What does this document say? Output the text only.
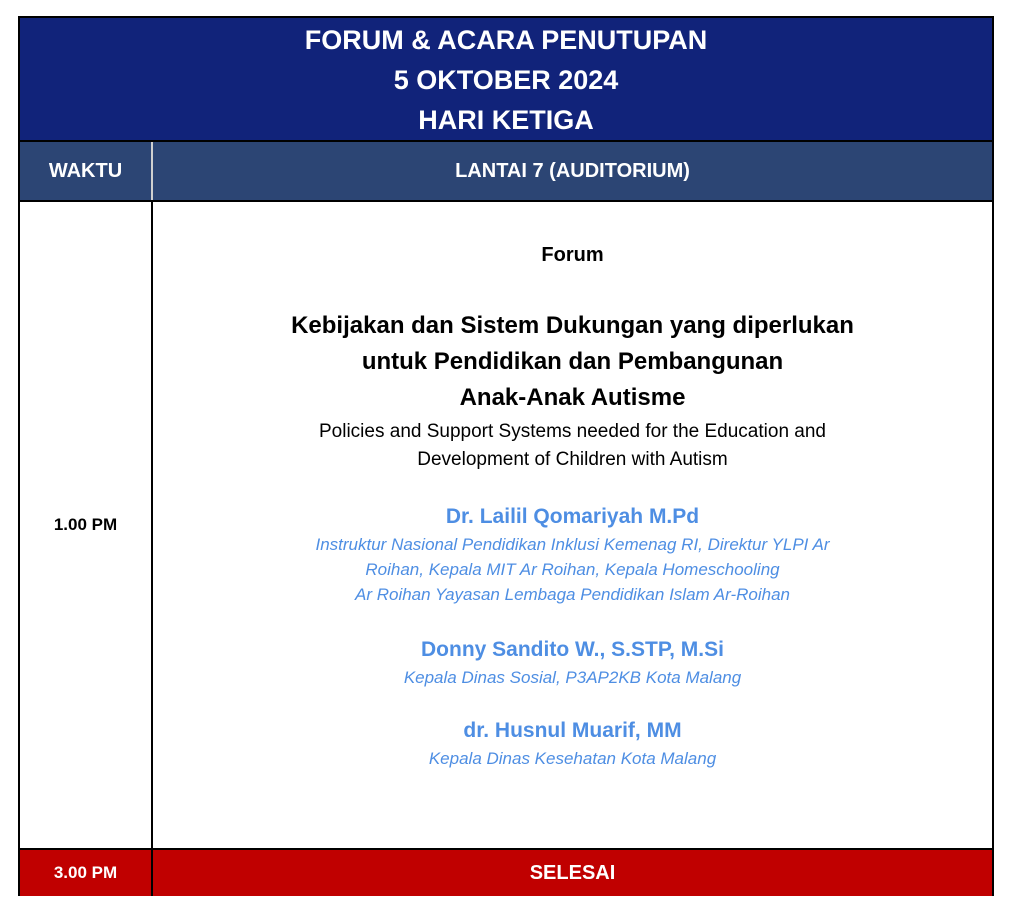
FORUM & ACARA PENUTUPAN
5 OKTOBER 2024
HARI KETIGA
WAKTU	LANTAI 7 (AUDITORIUM)
1.00 PM
Forum
Kebijakan dan Sistem Dukungan yang diperlukan
untuk Pendidikan dan Pembangunan
Anak-Anak Autisme
Policies and Support Systems needed for the Education and
Development of Children with Autism
Dr. Lailil Qomariyah M.Pd
Instruktur Nasional Pendidikan Inklusi Kemenag RI, Direktur YLPI Ar
Roihan, Kepala MIT Ar Roihan, Kepala Homeschooling
Ar Roihan Yayasan Lembaga Pendidikan Islam Ar-Roihan
Donny Sandito W., S.STP, M.Si
Kepala Dinas Sosial, P3AP2KB Kota Malang
dr. Husnul Muarif, MM
Kepala Dinas Kesehatan Kota Malang
3.00 PM	SELESAI
